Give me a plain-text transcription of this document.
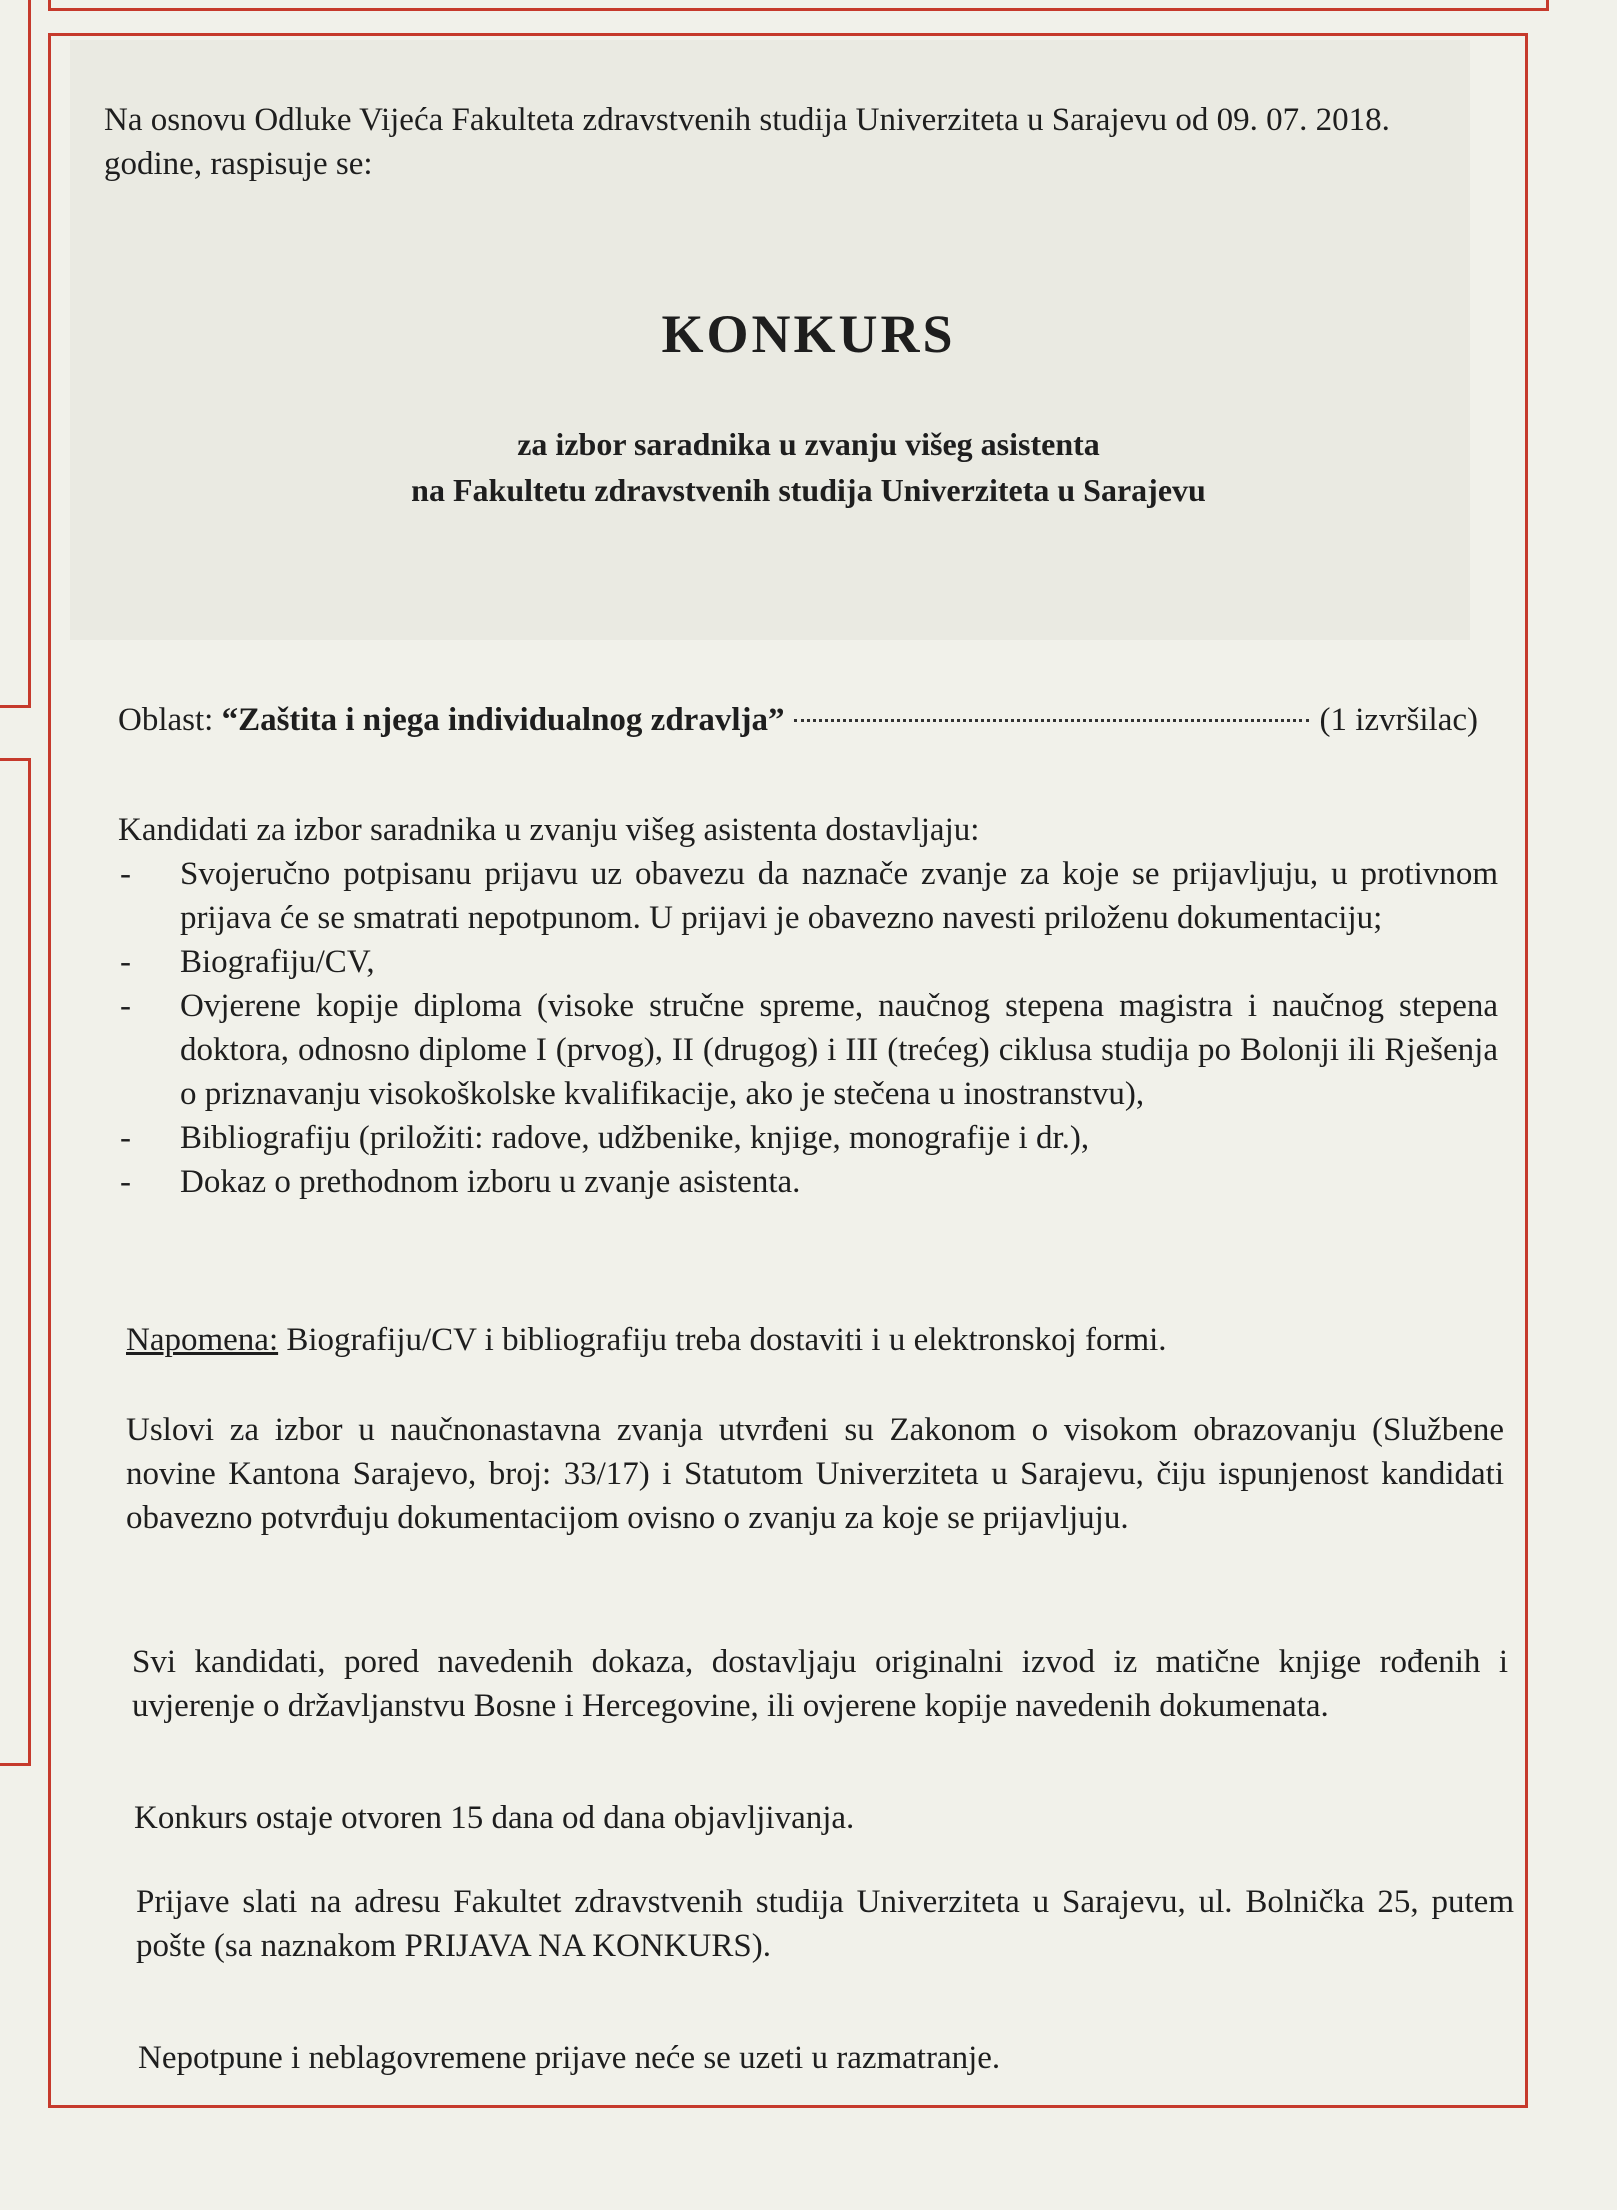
Na osnovu Odluke Vijeća Fakulteta zdravstvenih studija Univerziteta u Sarajevu od 09. 07. 2018. godine, raspisuje se:

KONKURS

za izbor saradnika u zvanju višeg asistenta

na Fakultetu zdravstvenih studija Univerziteta u Sarajevu

Oblast:
“Zaštita i njega individualnog zdravlja”	(1 izvršilac)

Kandidati za izbor saradnika u zvanju višeg asistenta dostavljaju:

- Svojeručno potpisanu prijavu uz obavezu da naznače zvanje za koje se prijavljuju, u protivnom prijava će se smatrati nepotpunom. U prijavi je obavezno navesti priloženu dokumentaciju;
- Biografiju/CV,
- Ovjerene kopije diploma (visoke stručne spreme, naučnog stepena magistra i naučnog stepena doktora, odnosno diplome I (prvog), II (drugog) i III (trećeg) ciklusa studija po Bolonji ili Rješenja o priznavanju visokoškolske kvalifikacije, ako je stečena u inostranstvu),
- Bibliografiju (priložiti: radove, udžbenike, knjige, monografije i dr.),
- Dokaz o prethodnom izboru u zvanje asistenta.

Napomena: Biografiju/CV i bibliografiju treba dostaviti i u elektronskoj formi.

Uslovi za izbor u naučnonastavna zvanja utvrđeni su Zakonom o visokom obrazovanju (Službene novine Kantona Sarajevo, broj: 33/17) i Statutom Univerziteta u Sarajevu, čiju ispunjenost kandidati obavezno potvrđuju dokumentacijom ovisno o zvanju za koje se prijavljuju.

Svi kandidati, pored navedenih dokaza, dostavljaju originalni izvod iz matične knjige rođenih i uvjerenje o državljanstvu Bosne i Hercegovine, ili ovjerene kopije navedenih dokumenata.

Konkurs ostaje otvoren 15 dana od dana objavljivanja.

Prijave slati na adresu Fakultet zdravstvenih studija Univerziteta u Sarajevu, ul. Bolnička 25, putem pošte (sa naznakom PRIJAVA NA KONKURS).

Nepotpune i neblagovremene prijave neće se uzeti u razmatranje.
